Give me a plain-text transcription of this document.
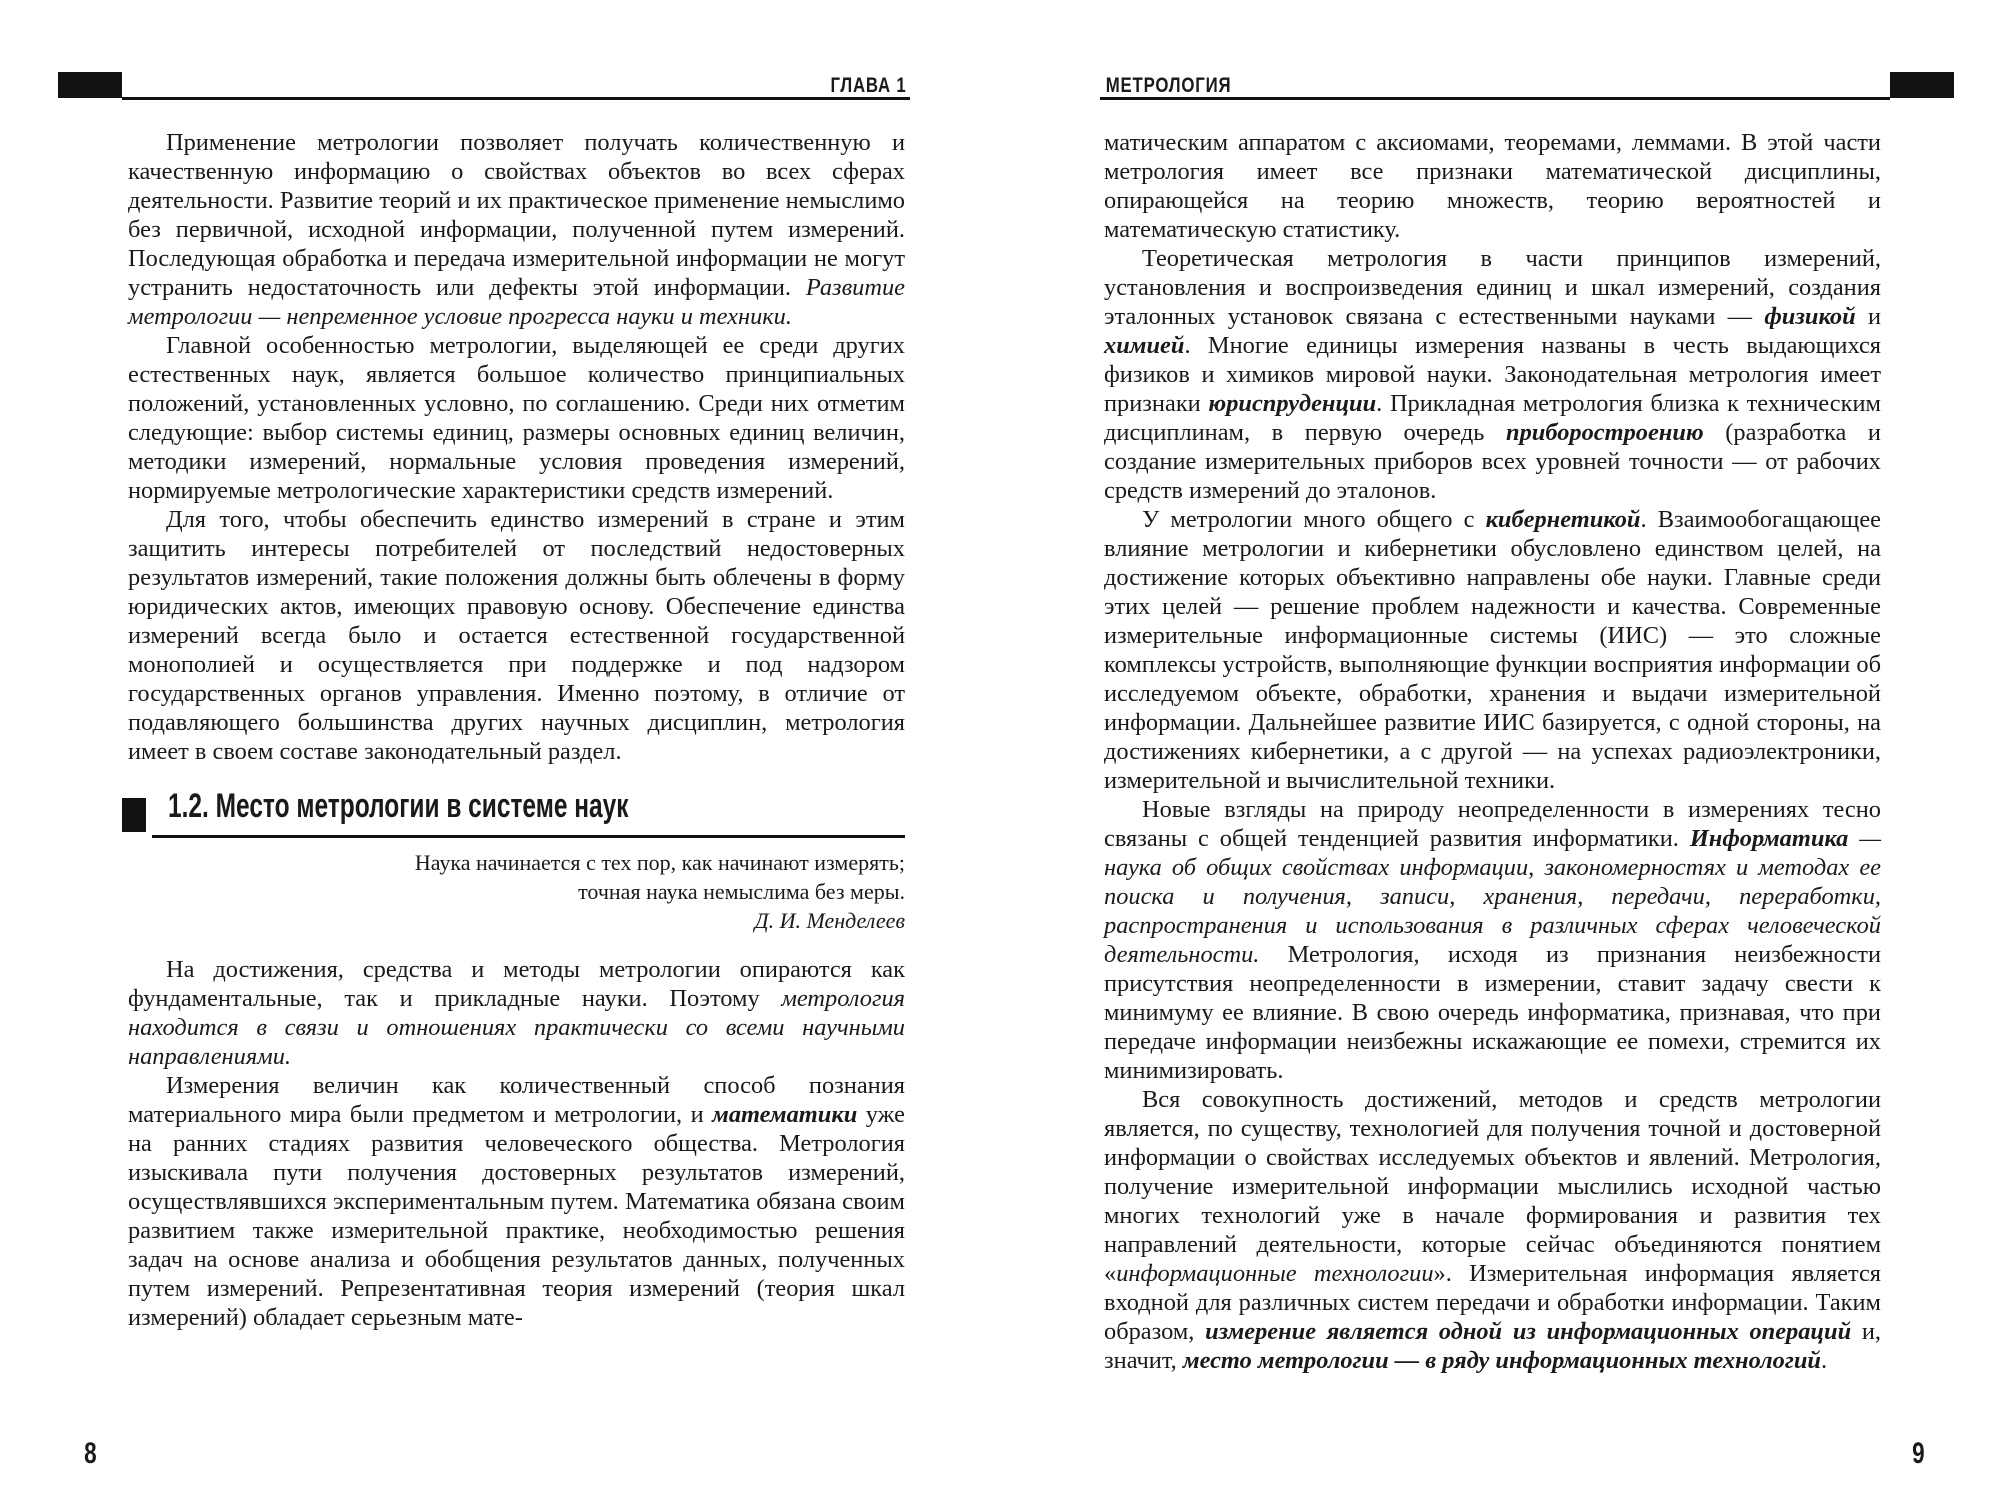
ГЛАВА 1

Применение метрологии позволяет получать количественную и качественную информацию о свойствах объектов во всех сферах деятельности. Развитие теорий и их практическое применение немыслимо без первичной, исходной информации, полученной путем измерений. Последующая обработка и передача измерительной информации не могут устранить недостаточность или дефекты этой информации. Развитие метрологии — непременное условие прогресса науки и техники.

Главной особенностью метрологии, выделяющей ее среди других естественных наук, является большое количество принципиальных положений, установленных условно, по соглашению. Среди них отметим следующие: выбор системы единиц, размеры основных единиц величин, методики измерений, нормальные условия проведения измерений, нормируемые метрологические характеристики средств измерений.

Для того, чтобы обеспечить единство измерений в стране и этим защитить интересы потребителей от последствий недостоверных результатов измерений, такие положения должны быть облечены в форму юридических актов, имеющих правовую основу. Обеспечение единства измерений всегда было и остается естественной государственной монополией и осуществляется при поддержке и под надзором государственных органов управления. Именно поэтому, в отличие от подавляющего большинства других научных дисциплин, метрология имеет в своем составе законодательный раздел.

1.2. Место метрологии в системе наук
Наука начинается с тех пор, как начинают измерять;
точная наука немыслима без меры.
Д. И. Менделеев

На достижения, средства и методы метрологии опираются как фундаментальные, так и прикладные науки. Поэтому метрология находится в связи и отношениях практически со всеми научными направлениями.

Измерения величин как количественный способ познания материального мира были предметом и метрологии, и математики уже на ранних стадиях развития человеческого общества. Метрология изыскивала пути получения достоверных результатов измерений, осуществлявшихся экспериментальным путем. Математика обязана своим развитием также измерительной практике, необходимостью решения задач на основе анализа и обобщения результатов данных, полученных путем измерений. Репрезентативная теория измерений (теория шкал измерений) обладает серьезным мате-

8
МЕТРОЛОГИЯ

матическим аппаратом с аксиомами, теоремами, леммами. В этой части метрология имеет все признаки математической дисциплины, опирающейся на теорию множеств, теорию вероятностей и математическую статистику.

Теоретическая метрология в части принципов измерений, установления и воспроизведения единиц и шкал измерений, создания эталонных установок связана с естественными науками — физикой и химией. Многие единицы измерения названы в честь выдающихся физиков и химиков мировой науки. Законодательная метрология имеет признаки юриспруденции. Прикладная метрология близка к техническим дисциплинам, в первую очередь приборостроению (разработка и создание измерительных приборов всех уровней точности — от рабочих средств измерений до эталонов.

У метрологии много общего с кибернетикой. Взаимообогащающее влияние метрологии и кибернетики обусловлено единством целей, на достижение которых объективно направлены обе науки. Главные среди этих целей — решение проблем надежности и качества. Современные измерительные информационные системы (ИИС) — это сложные комплексы устройств, выполняющие функции восприятия информации об исследуемом объекте, обработки, хранения и выдачи измерительной информации. Дальнейшее развитие ИИС базируется, с одной стороны, на достижениях кибернетики, а с другой — на успехах радиоэлектроники, измерительной и вычислительной техники.

Новые взгляды на природу неопределенности в измерениях тесно связаны с общей тенденцией развития информатики. Информатика — наука об общих свойствах информации, закономерностях и методах ее поиска и получения, записи, хранения, передачи, переработки, распространения и использования в различных сферах человеческой деятельности. Метрология, исходя из признания неизбежности присутствия неопределенности в измерении, ставит задачу свести к минимуму ее влияние. В свою очередь информатика, признавая, что при передаче информации неизбежны искажающие ее помехи, стремится их минимизировать.

Вся совокупность достижений, методов и средств метрологии является, по существу, технологией для получения точной и достоверной информации о свойствах исследуемых объектов и явлений. Метрология, получение измерительной информации мыслились исходной частью многих технологий уже в начале формирования и развития тех направлений деятельности, которые сейчас объединяются понятием «информационные технологии». Измерительная информация является входной для различных систем передачи и обработки информации. Таким образом, измерение является одной из информационных операций и, значит, место метрологии — в ряду информационных технологий.

9
